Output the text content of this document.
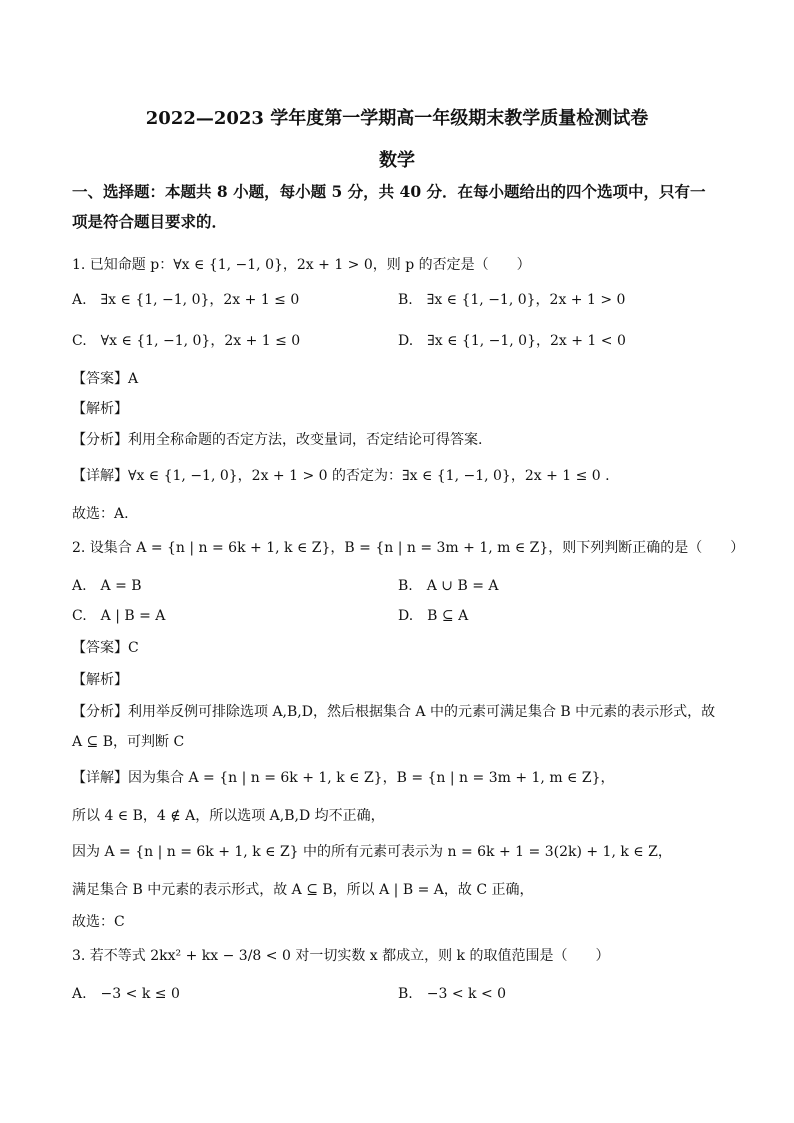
2022—2023 学年度第一学期高一年级期末教学质量检测试卷
数学
一、选择题：本题共 8 小题，每小题 5 分，共 40 分．在每小题给出的四个选项中，只有一
项是符合题目要求的．
1. 已知命题 p：∀x ∈ {1, −1, 0}，2x + 1 > 0，则 p 的否定是（　　）
A.　∃x ∈ {1, −1, 0}，2x + 1 ≤ 0	B.　∃x ∈ {1, −1, 0}，2x + 1 > 0
C.　∀x ∈ {1, −1, 0}，2x + 1 ≤ 0	D.　∃x ∈ {1, −1, 0}，2x + 1 < 0
【答案】A
【解析】
【分析】利用全称命题的否定方法，改变量词，否定结论可得答案.
【详解】∀x ∈ {1, −1, 0}，2x + 1 > 0 的否定为：∃x ∈ {1, −1, 0}，2x + 1 ≤ 0 .
故选：A.
2. 设集合 A = {n | n = 6k + 1, k ∈ Z}，B = {n | n = 3m + 1, m ∈ Z}，则下列判断正确的是（　　）
A.　A = B	B.　A ∪ B = A
C.　A | B = A	D.　B ⊆ A
【答案】C
【解析】
【分析】利用举反例可排除选项 A,B,D，然后根据集合 A 中的元素可满足集合 B 中元素的表示形式，故
A ⊆ B，可判断 C
【详解】因为集合 A = {n | n = 6k + 1, k ∈ Z}，B = {n | n = 3m + 1, m ∈ Z}，
所以 4 ∈ B，4 ∉ A，所以选项 A,B,D 均不正确，
因为 A = {n | n = 6k + 1, k ∈ Z} 中的所有元素可表示为 n = 6k + 1 = 3(2k) + 1, k ∈ Z，
满足集合 B 中元素的表示形式，故 A ⊆ B，所以 A | B = A，故 C 正确，
故选：C
3. 若不等式 2kx² + kx − 3/8 < 0 对一切实数 x 都成立，则 k 的取值范围是（　　）
A.　−3 < k ≤ 0	B.　−3 < k < 0
